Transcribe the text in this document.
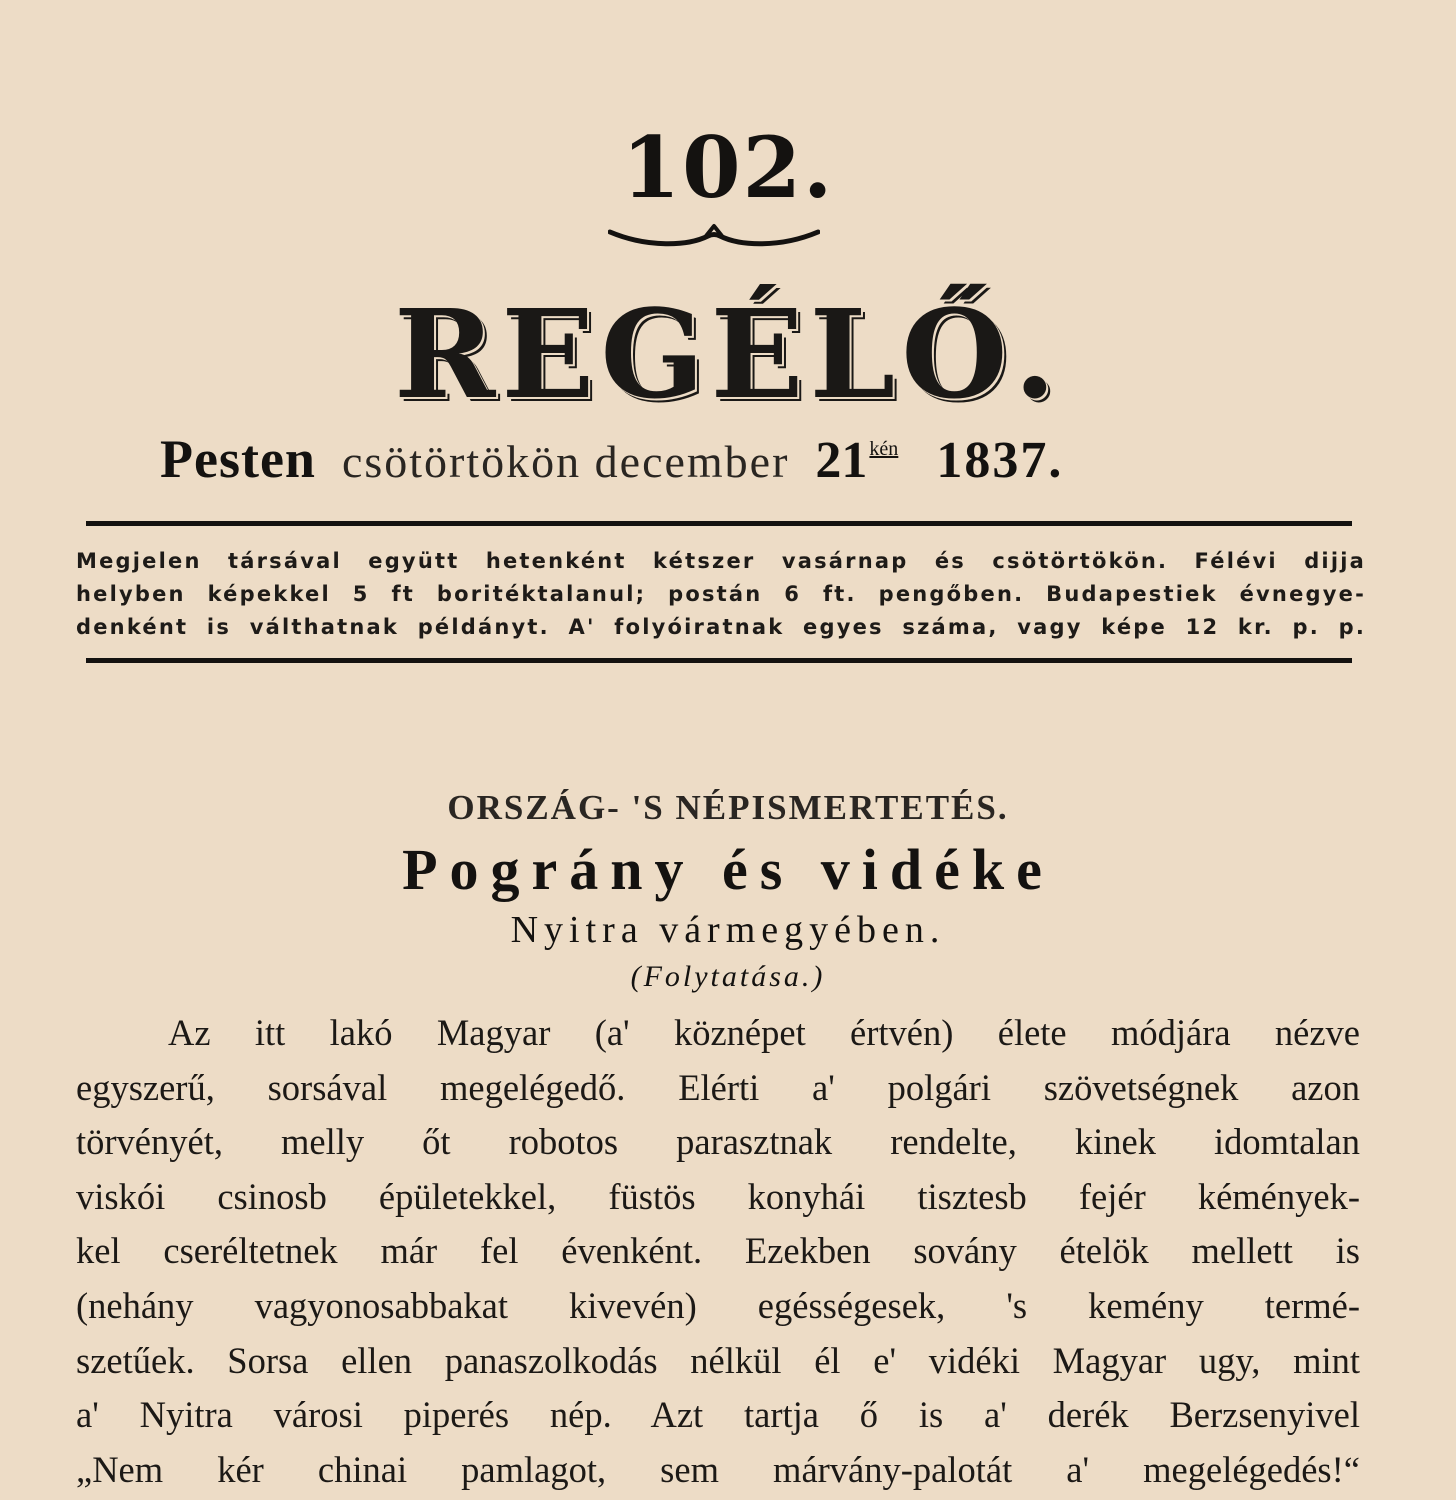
102.
REGÉLŐ.
Pesten csötörtökön december 21 $^{kén}$ 1837.
Megjelen társával együtt hetenként kétszer vasárnap és csötörtökön. Félévi dijja
helyben képekkel 5 ft boritéktalanul; postán 6 ft. pengőben. Budapestiek évnegye-
denként is válthatnak példányt. A' folyóiratnak egyes száma, vagy képe 12 kr. p. p.
ORSZÁG- 'S NÉPISMERTETÉS.
Pográny és vidéke
Nyitra vármegyében.
(Folytatása.)
Az itt lakó Magyar (a' köznépet értvén) élete módjára nézve
egyszerű, sorsával megelégedő. Elérti a' polgári szövetségnek azon
törvényét, melly őt robotos parasztnak rendelte, kinek idomtalan
viskói csinosb épületekkel, füstös konyhái tisztesb fejér kémények-
kel cseréltetnek már fel évenként. Ezekben sovány ételök mellett is
(nehány vagyonosabbakat kivevén) egésségesek, 's kemény termé-
szetűek. Sorsa ellen panaszolkodás nélkül él e' vidéki Magyar ugy, mint
a' Nyitra városi piperés nép. Azt tartja ő is a' derék Berzsenyivel
„Nem kér chinai pamlagot, sem márvány-palotát a' megelégedés!“
